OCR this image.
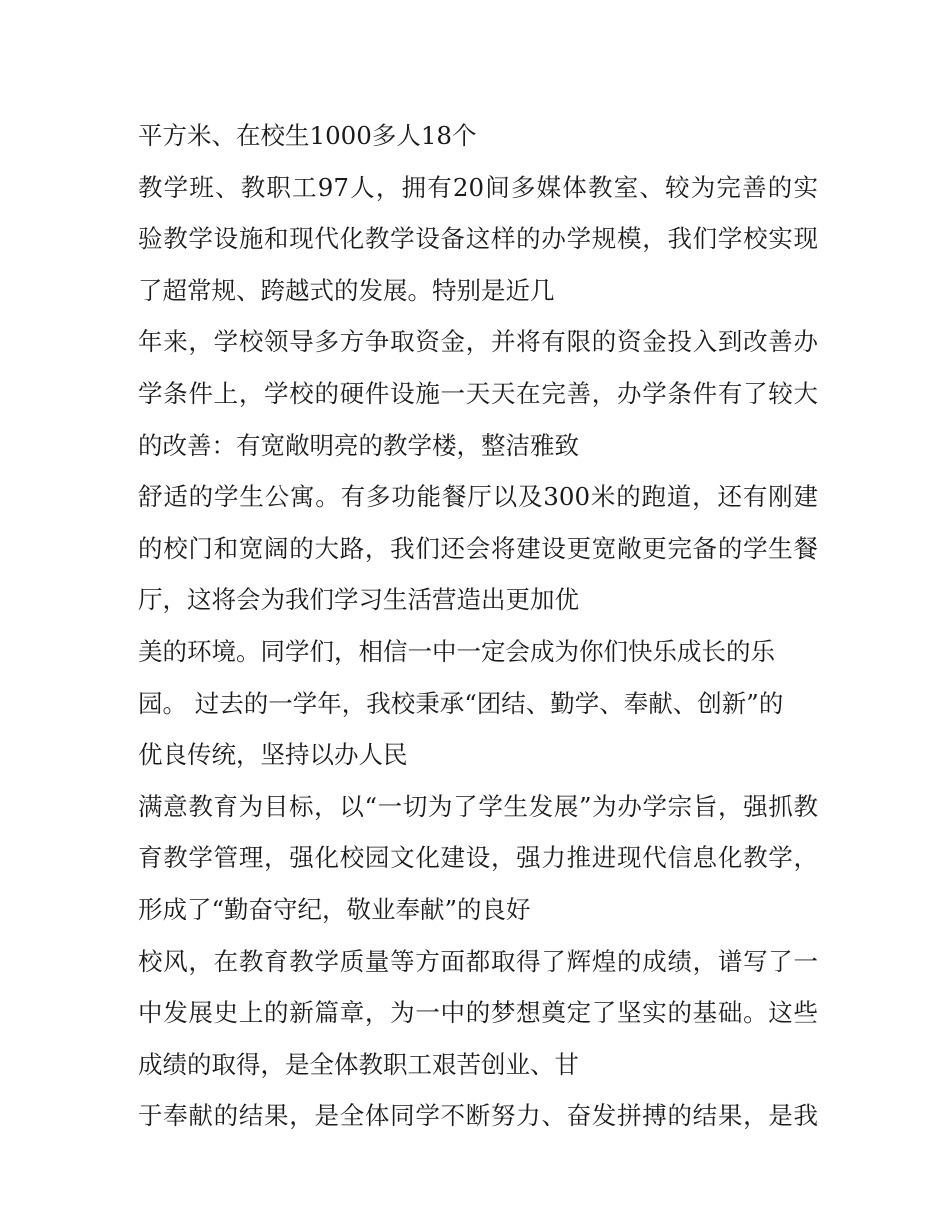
平方米、在校生1000多人18个

教学班、教职工97人，拥有20间多媒体教室、较为完善的实

验教学设施和现代化教学设备这样的办学规模，我们学校实现

了超常规、跨越式的发展。特别是近几

年来，学校领导多方争取资金，并将有限的资金投入到改善办

学条件上，学校的硬件设施一天天在完善，办学条件有了较大

的改善：有宽敞明亮的教学楼，整洁雅致

舒适的学生公寓。有多功能餐厅以及300米的跑道，还有刚建

的校门和宽阔的大路，我们还会将建设更宽敞更完备的学生餐

厅，这将会为我们学习生活营造出更加优

美的环境。同学们，相信一中一定会成为你们快乐成长的乐

园。 过去的一学年，我校秉承“团结、勤学、奉献、创新”的

优良传统，坚持以办人民

满意教育为目标，以“一切为了学生发展”为办学宗旨，强抓教

育教学管理，强化校园文化建设，强力推进现代信息化教学，

形成了“勤奋守纪，敬业奉献”的良好

校风，在教育教学质量等方面都取得了辉煌的成绩，谱写了一

中发展史上的新篇章，为一中的梦想奠定了坚实的基础。这些

成绩的取得，是全体教职工艰苦创业、甘

于奉献的结果，是全体同学不断努力、奋发拼搏的结果，是我
